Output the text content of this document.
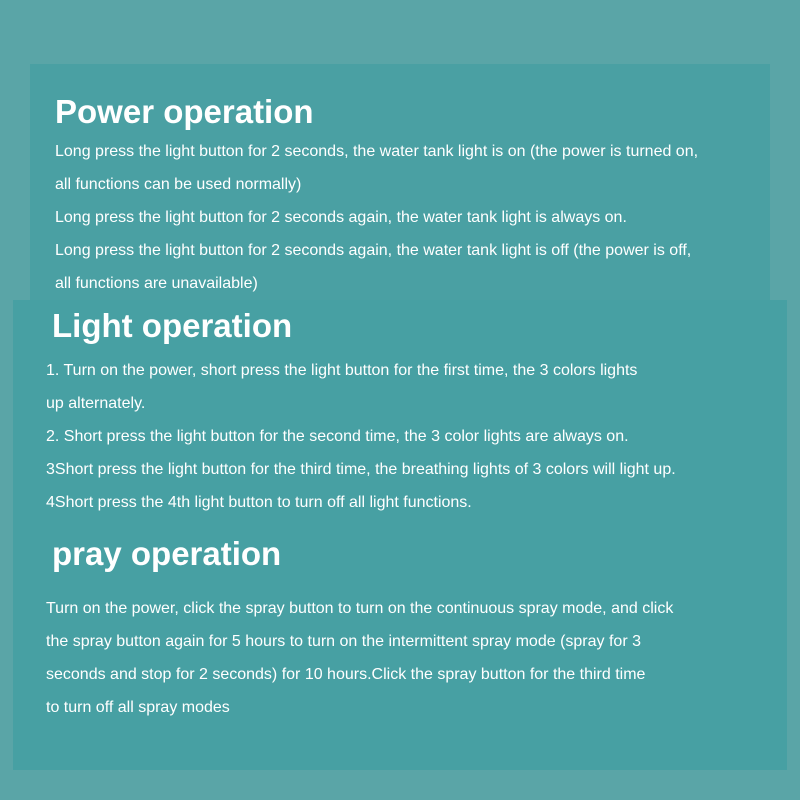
Power operation

Long press the light button for 2 seconds, the water tank light is on (the power is turned on,

all functions can be used normally)

Long press the light button for 2 seconds again, the water tank light is always on.

Long press the light button for 2 seconds again, the water tank light is off (the power is off,

all functions are unavailable)

Light operation

1. Turn on the power, short press the light button for the first time, the 3 colors lights

up alternately.

2. Short press the light button for the second time, the 3 color lights are always on.

3Short press the light button for the third time, the breathing lights of 3 colors will light up.

4Short press the 4th light button to turn off all light functions.

pray operation

Turn on the power, click the spray button to turn on the continuous spray mode, and click

the spray button again for 5 hours to turn on the intermittent spray mode (spray for 3

seconds and stop for 2 seconds) for 10 hours.Click the spray button for the third time

to turn off all spray modes
